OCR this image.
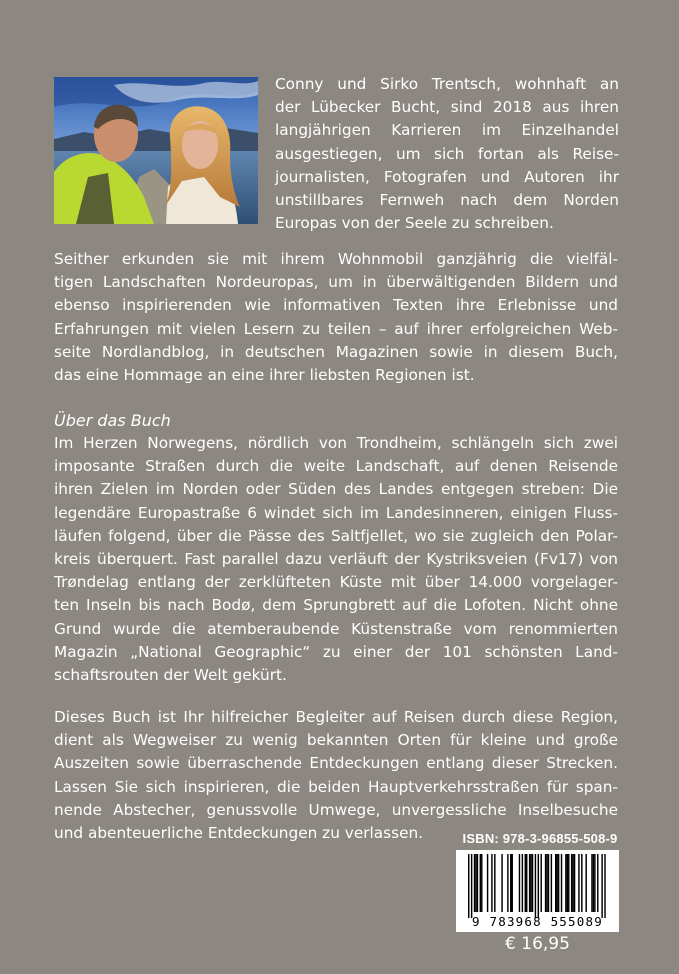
Conny und Sirko Trentsch, wohnhaft an
der Lübecker Bucht, sind 2018 aus ihren
langjährigen Karrieren im Einzelhandel
ausgestiegen, um sich fortan als Reise-
journalisten, Fotografen und Autoren ihr
unstillbares Fernweh nach dem Norden
Europas von der Seele zu schreiben.
Seither erkunden sie mit ihrem Wohnmobil ganzjährig die vielfäl-
tigen Landschaften Nordeuropas, um in überwältigenden Bildern und
ebenso inspirierenden wie informativen Texten ihre Erlebnisse und
Erfahrungen mit vielen Lesern zu teilen – auf ihrer erfolgreichen Web-
seite Nordlandblog, in deutschen Magazinen sowie in diesem Buch,
das eine Hommage an eine ihrer liebsten Regionen ist.
Über das Buch
Im Herzen Norwegens, nördlich von Trondheim, schlängeln sich zwei
imposante Straßen durch die weite Landschaft, auf denen Reisende
ihren Zielen im Norden oder Süden des Landes entgegen streben: Die
legendäre Europastraße 6 windet sich im Landesinneren, einigen Fluss-
läufen folgend, über die Pässe des Saltfjellet, wo sie zugleich den Polar-
kreis überquert. Fast parallel dazu verläuft der Kystriksveien (Fv17) von
Trøndelag entlang der zerklüfteten Küste mit über 14.000 vorgelager-
ten Inseln bis nach Bodø, dem Sprungbrett auf die Lofoten. Nicht ohne
Grund wurde die atemberaubende Küstenstraße vom renommierten
Magazin „National Geographic“ zu einer der 101 schönsten Land-
schaftsrouten der Welt gekürt.
Dieses Buch ist Ihr hilfreicher Begleiter auf Reisen durch diese Region,
dient als Wegweiser zu wenig bekannten Orten für kleine und große
Auszeiten sowie überraschende Entdeckungen entlang dieser Strecken.
Lassen Sie sich inspirieren, die beiden Hauptverkehrsstraßen für span-
nende Abstecher, genussvolle Umwege, unvergessliche Inselbesuche
und abenteuerliche Entdeckungen zu verlassen.	ISBN: 978-3-96855-508-9
9 783968 555089
€ 16,95
